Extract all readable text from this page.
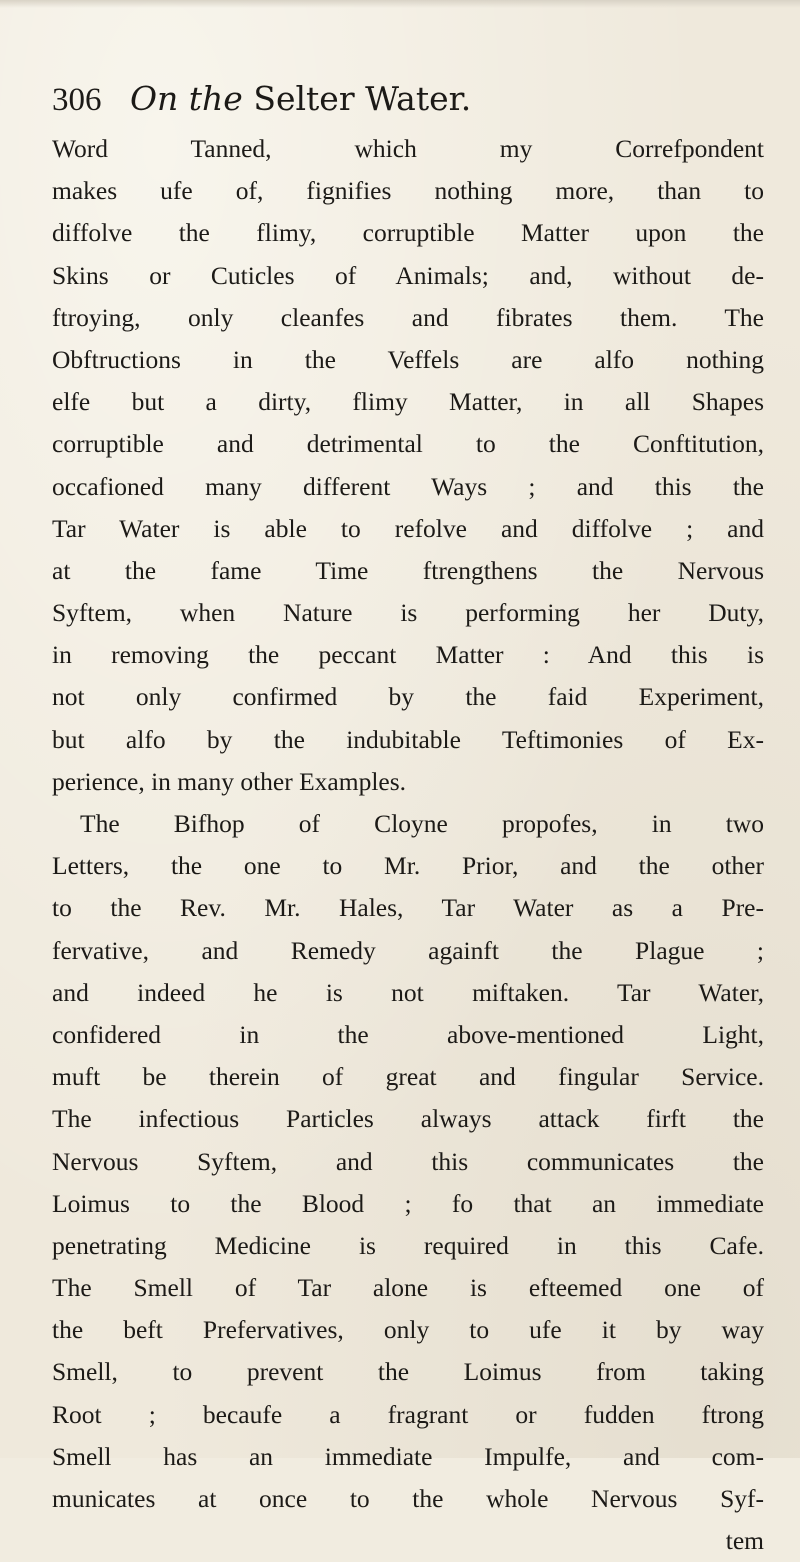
306 On the Selter Water.
Word Tanned, which my Correfpondent
makes ufe of, fignifies nothing more, than to
diffolve the flimy, corruptible Matter upon the
Skins or Cuticles of Animals; and, without de-
ftroying, only cleanfes and fibrates them. The
Obftructions in the Veffels are alfo nothing
elfe but a dirty, flimy Matter, in all Shapes
corruptible and detrimental to the Conftitution,
occafioned many different Ways ; and this the
Tar Water is able to refolve and diffolve ; and
at the fame Time ftrengthens the Nervous
Syftem, when Nature is performing her Duty,
in removing the peccant Matter : And this is
not only confirmed by the faid Experiment,
but alfo by the indubitable Teftimonies of Ex-
perience, in many other Examples.
The Bifhop of Cloyne propofes, in two
Letters, the one to Mr. Prior, and the other
to the Rev. Mr. Hales, Tar Water as a Pre-
fervative, and Remedy againft the Plague ;
and indeed he is not miftaken. Tar Water,
confidered in the above-mentioned Light,
muft be therein of great and fingular Service.
The infectious Particles always attack firft the
Nervous Syftem, and this communicates the
Loimus to the Blood ; fo that an immediate
penetrating Medicine is required in this Cafe.
The Smell of Tar alone is efteemed one of
the beft Prefervatives, only to ufe it by way
Smell, to prevent the Loimus from taking
Root ; becaufe a fragrant or fudden ftrong
Smell has an immediate Impulfe, and com-
municates at once to the whole Nervous Syf-
tem
